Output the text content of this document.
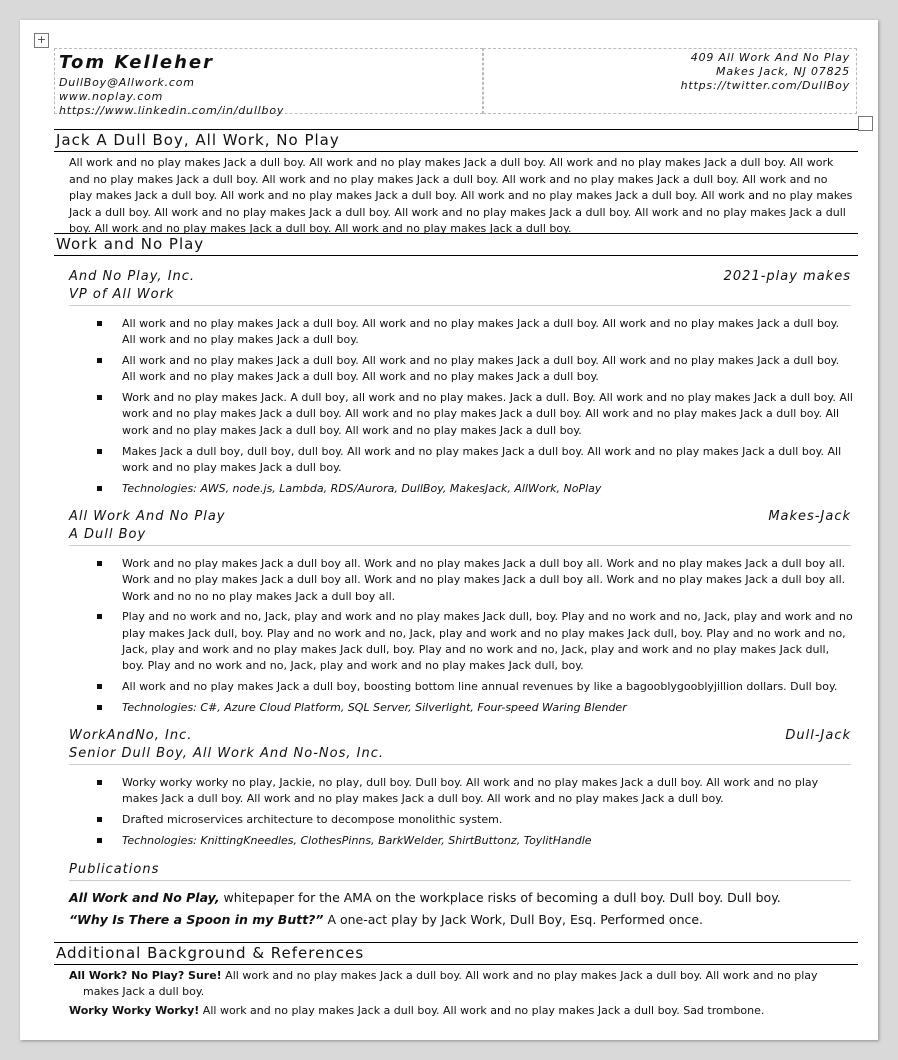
+

Tom Kelleher

DullBoy@Allwork.com

www.noplay.com

https://www.linkedin.com/in/dullboy

409 All Work And No Play

Makes Jack, NJ 07825

https://twitter.com/DullBoy

Jack A Dull Boy, All Work, No Play

All work and no play makes Jack a dull boy. All work and no play makes Jack a dull boy. All work and no play makes Jack a dull boy. All work and no play makes Jack a dull boy. All work and no play makes Jack a dull boy. All work and no play makes Jack a dull boy. All work and no play makes Jack a dull boy. All work and no play makes Jack a dull boy. All work and no play makes Jack a dull boy. All work and no play makes Jack a dull boy. All work and no play makes Jack a dull boy. All work and no play makes Jack a dull boy. All work and no play makes Jack a dull boy. All work and no play makes Jack a dull boy. All work and no play makes Jack a dull boy.

Work and No Play
And No Play, Inc.	2021-play makes
VP of All Work
All work and no play makes Jack a dull boy. All work and no play makes Jack a dull boy. All work and no play makes Jack a dull boy. All work and no play makes Jack a dull boy.
All work and no play makes Jack a dull boy. All work and no play makes Jack a dull boy. All work and no play makes Jack a dull boy. All work and no play makes Jack a dull boy. All work and no play makes Jack a dull boy.
Work and no play makes Jack. A dull boy, all work and no play makes. Jack a dull. Boy. All work and no play makes Jack a dull boy. All work and no play makes Jack a dull boy. All work and no play makes Jack a dull boy. All work and no play makes Jack a dull boy. All work and no play makes Jack a dull boy. All work and no play makes Jack a dull boy.
Makes Jack a dull boy, dull boy, dull boy. All work and no play makes Jack a dull boy. All work and no play makes Jack a dull boy. All work and no play makes Jack a dull boy.
Technologies: AWS, node.js, Lambda, RDS/Aurora, DullBoy, MakesJack, AllWork, NoPlay
All Work And No Play	Makes-Jack
A Dull Boy
Work and no play makes Jack a dull boy all. Work and no play makes Jack a dull boy all. Work and no play makes Jack a dull boy all. Work and no play makes Jack a dull boy all. Work and no play makes Jack a dull boy all. Work and no play makes Jack a dull boy all. Work and no no no play makes Jack a dull boy all.
Play and no work and no, Jack, play and work and no play makes Jack dull, boy. Play and no work and no, Jack, play and work and no play makes Jack dull, boy. Play and no work and no, Jack, play and work and no play makes Jack dull, boy. Play and no work and no, Jack, play and work and no play makes Jack dull, boy. Play and no work and no, Jack, play and work and no play makes Jack dull, boy. Play and no work and no, Jack, play and work and no play makes Jack dull, boy.
All work and no play makes Jack a dull boy, boosting bottom line annual revenues by like a bagooblygooblyjillion dollars. Dull boy.
Technologies: C#, Azure Cloud Platform, SQL Server, Silverlight, Four-speed Waring Blender
WorkAndNo, Inc.	Dull-Jack
Senior Dull Boy, All Work And No-Nos, Inc.
Worky worky worky no play, Jackie, no play, dull boy. Dull boy. All work and no play makes Jack a dull boy. All work and no play makes Jack a dull boy. All work and no play makes Jack a dull boy. All work and no play makes Jack a dull boy.
Drafted microservices architecture to decompose monolithic system.
Technologies: KnittingKneedles, ClothesPinns, BarkWelder, ShirtButtonz, ToylitHandle
Publications
All Work and No Play, whitepaper for the AMA on the workplace risks of becoming a dull boy. Dull boy. Dull boy.
“Why Is There a Spoon in my Butt?” A one-act play by Jack Work, Dull Boy, Esq. Performed once.
Additional Background & References
All Work? No Play? Sure! All work and no play makes Jack a dull boy. All work and no play makes Jack a dull boy. All work and no play
makes Jack a dull boy.
Worky Worky Worky! All work and no play makes Jack a dull boy. All work and no play makes Jack a dull boy. Sad trombone.
